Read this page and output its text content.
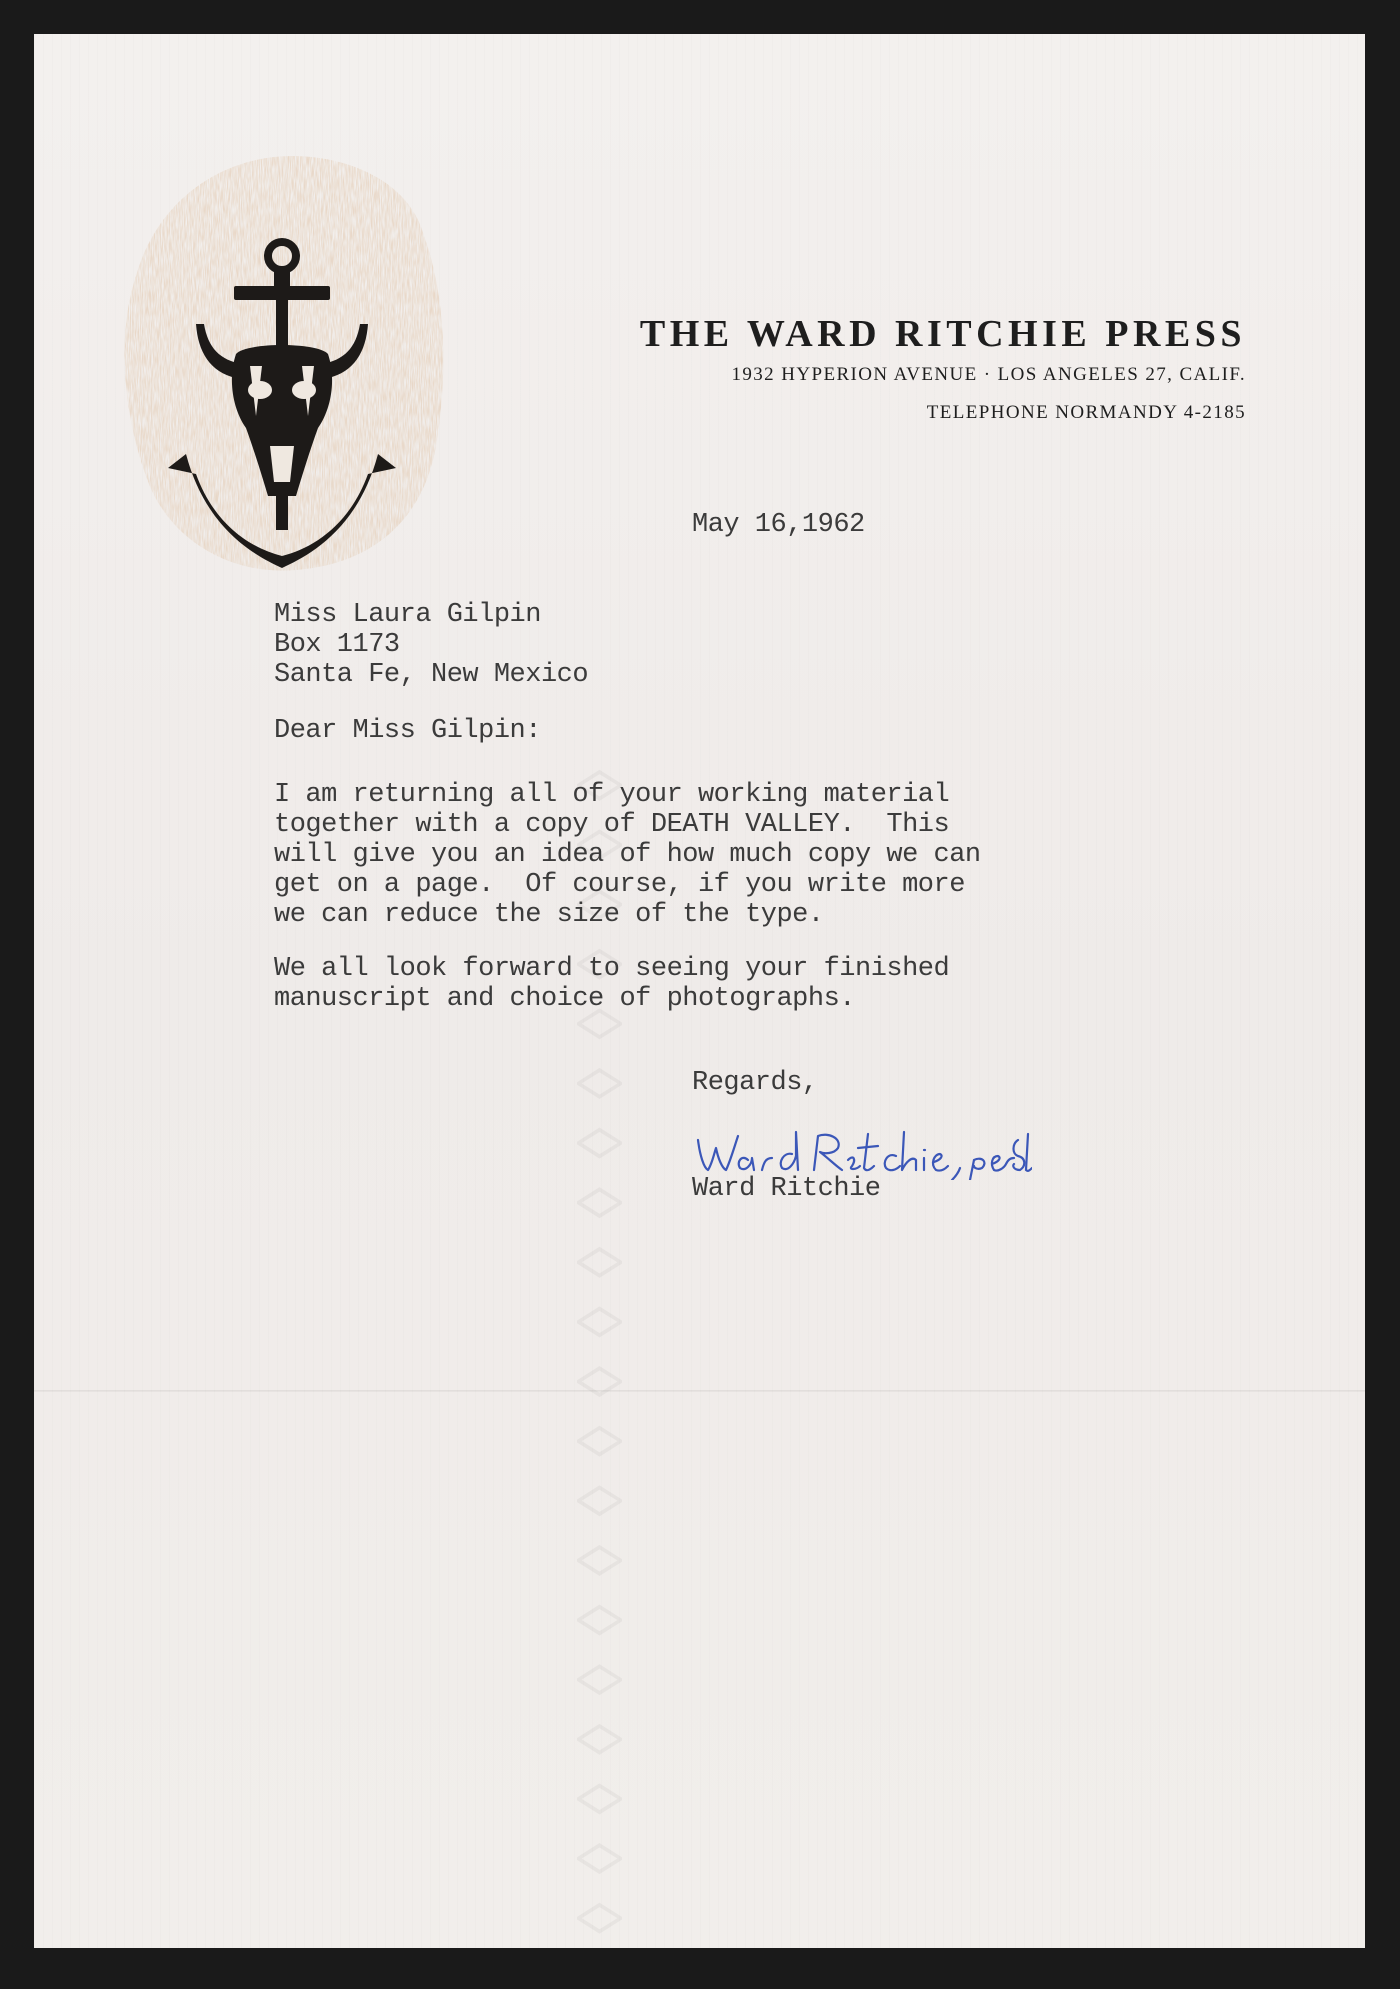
THE WARD RITCHIE PRESS
1932 HYPERION AVENUE · LOS ANGELES 27, CALIF.
TELEPHONE NORMANDY 4-2185
May 16,1962
Miss Laura Gilpin
Box 1173
Santa Fe, New Mexico
Dear Miss Gilpin:
I am returning all of your working material
together with a copy of DEATH VALLEY.  This
will give you an idea of how much copy we can
get on a page.  Of course, if you write more
we can reduce the size of the type.
We all look forward to seeing your finished
manuscript and choice of photographs.
Regards,
Ward Ritchie
